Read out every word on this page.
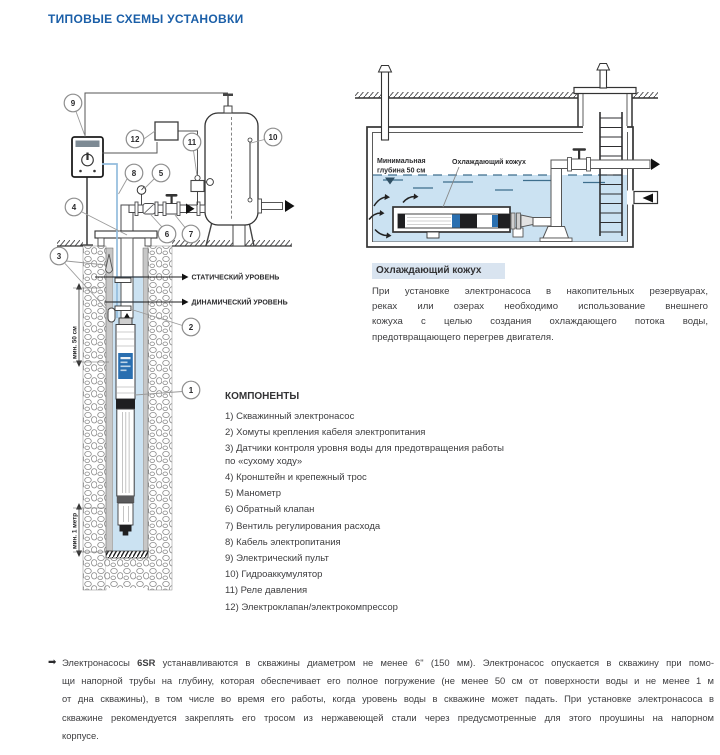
ТИПОВЫЕ СХЕМЫ УСТАНОВКИ
СТАТИЧЕСКИЙ УРОВЕНЬ
ДИНАМИЧЕСКИЙ УРОВЕНЬ
мин. 50 см
мин. 1 метр
9
12	11
10
8	5
4
6 7
3
2
1
Минимальная
глубина 50 см
Охлаждающий кожух
Охлаждающий кожух
При установке электронасоса в накопительных резервуарах,
реках или озерах необходимо использование внешнего
кожуха с целью создания охлаждающего потока воды,
предотвращающего перегрев двигателя.
КОМПОНЕНТЫ
1) Скважинный электронасос
2) Хомуты крепления кабеля электропитания
3) Датчики контроля уровня воды для предотвращения работы по «сухому ходу»
4) Кронштейн и крепежный трос
5) Манометр
6) Обратный клапан
7) Вентиль регулирования расхода
8) Кабель электропитания
9) Электрический пульт
10) Гидроаккумулятор
11) Реле давления
12) Электроклапан/электрокомпрессор
➡ Электронасосы 6SR устанавливаются в скважины диаметром не менее 6" (150 мм). Электронасос опускается в скважину при помо-
щи напорной трубы на глубину, которая обеспечивает его полное погружение (не менее 50 см от поверхности воды и не менее 1 м
от дна скважины), в том числе во время его работы, когда уровень воды в скважине может падать. При установке электронасоса в
скважине рекомендуется закреплять его тросом из нержавеющей стали через предусмотренные для этого проушины на напорном
корпусе.
